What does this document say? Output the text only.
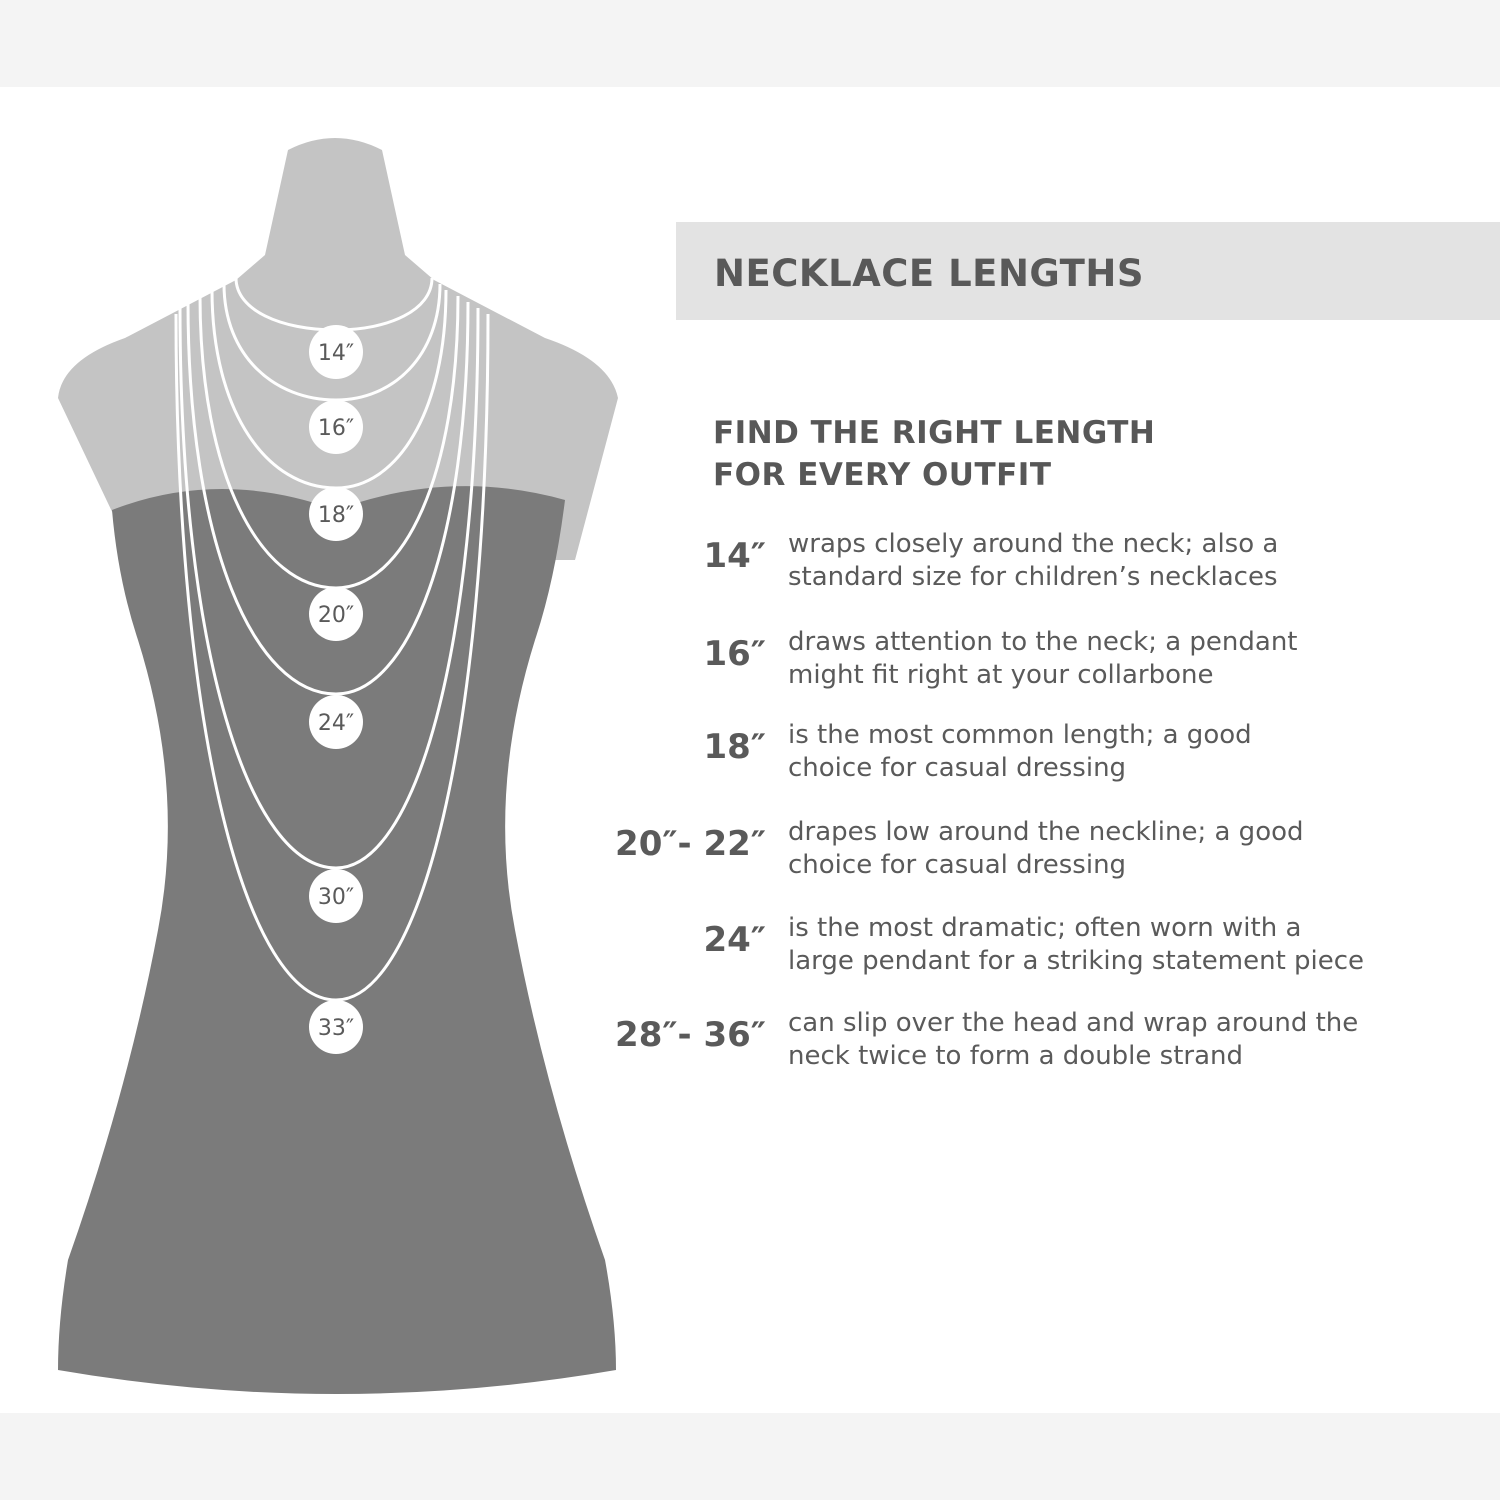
14″
16″
18″
20″
24″
30″
33″
NECKLACE LENGTHS
FIND THE RIGHT LENGTH
FOR EVERY OUTFIT
14″ wraps closely around the neck; also a
standard size for children’s necklaces
16″ draws attention to the neck; a pendant
might fit right at your collarbone
18″ is the most common length; a good
choice for casual dressing
20″- 22″ drapes low around the neckline; a good
choice for casual dressing
24″ is the most dramatic; often worn with a
large pendant for a striking statement piece
28″- 36″ can slip over the head and wrap around the
neck twice to form a double strand
